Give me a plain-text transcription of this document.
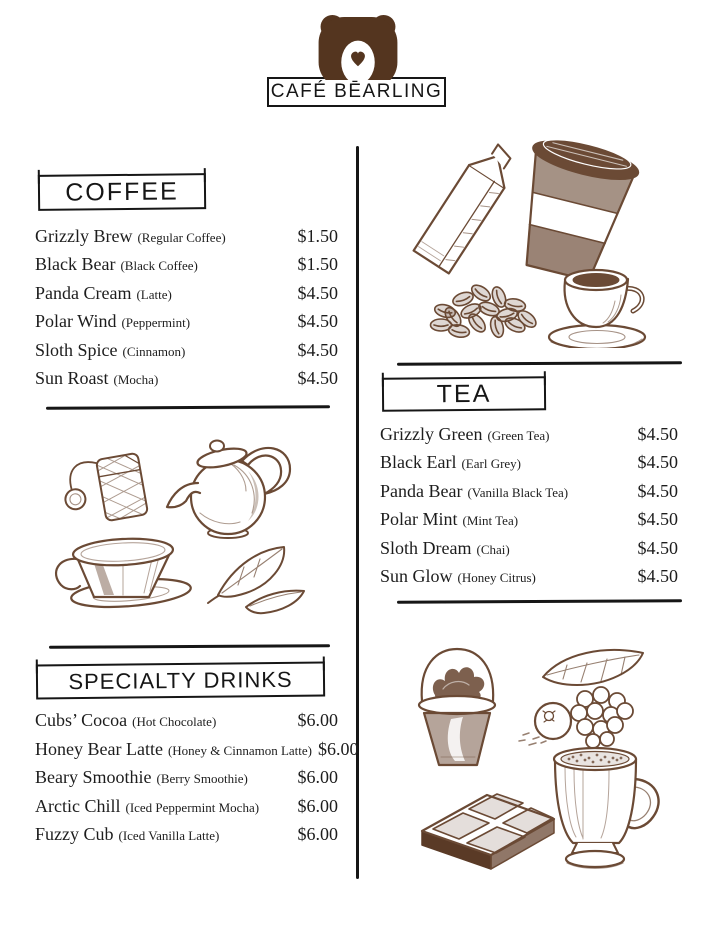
CAFÉ BĒARLING
COFFEE
Grizzly Brew (Regular Coffee)	$1.50
Black Bear (Black Coffee)	$1.50
Panda Cream (Latte)	$4.50
Polar Wind (Peppermint)	$4.50
Sloth Spice (Cinnamon)	$4.50
Sun Roast (Mocha)	$4.50
TEA
Grizzly Green (Green Tea)	$4.50
Black Earl (Earl Grey)	$4.50
Panda Bear (Vanilla Black Tea)	$4.50
Polar Mint (Mint Tea)	$4.50
Sloth Dream (Chai)	$4.50
Sun Glow (Honey Citrus)	$4.50
SPECIALTY DRINKS
Cubs’ Cocoa (Hot Chocolate)	$6.00
Honey Bear Latte (Honey & Cinnamon Latte) $6.00
Beary Smoothie (Berry Smoothie)	$6.00
Arctic Chill (Iced Peppermint Mocha) $6.00
Fuzzy Cub (Iced Vanilla Latte)	$6.00
